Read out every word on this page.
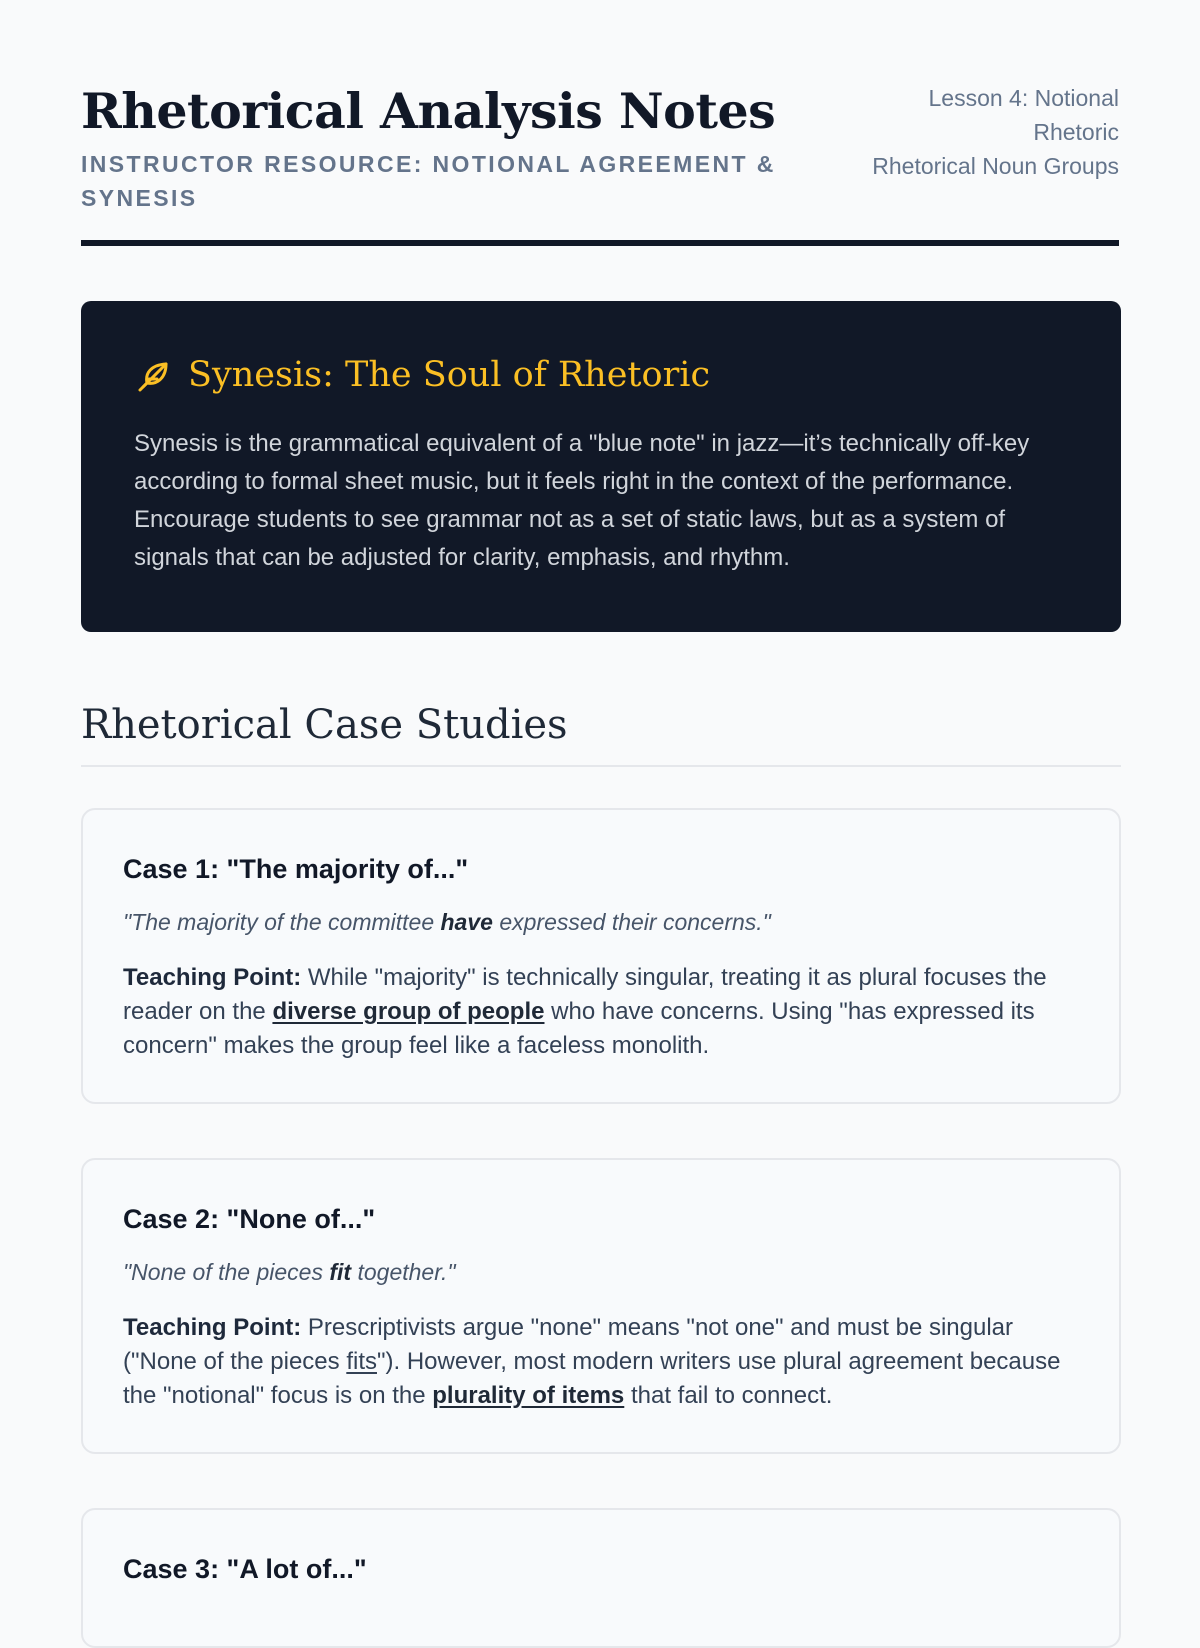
Rhetorical Analysis Notes
INSTRUCTOR RESOURCE: NOTIONAL AGREEMENT & SYNESIS
Lesson 4: Notional
Rhetoric
Rhetorical Noun Groups
Synesis: The Soul of Rhetoric

Synesis is the grammatical equivalent of a "blue note" in jazz—it’s technically off-key according to formal sheet music, but it feels right in the context of the performance. Encourage students to see grammar not as a set of static laws, but as a system of signals that can be adjusted for clarity, emphasis, and rhythm.

Rhetorical Case Studies
Case 1: "The majority of..."

"The majority of the committee have expressed their concerns."

Teaching Point: While "majority" is technically singular, treating it as plural focuses the reader on the diverse group of people who have concerns. Using "has expressed its concern" makes the group feel like a faceless monolith.

Case 2: "None of..."

"None of the pieces fit together."

Teaching Point: Prescriptivists argue "none" means "not one" and must be singular ("None of the pieces fits"). However, most modern writers use plural agreement because the "notional" focus is on the plurality of items that fail to connect.

Case 3: "A lot of..."
